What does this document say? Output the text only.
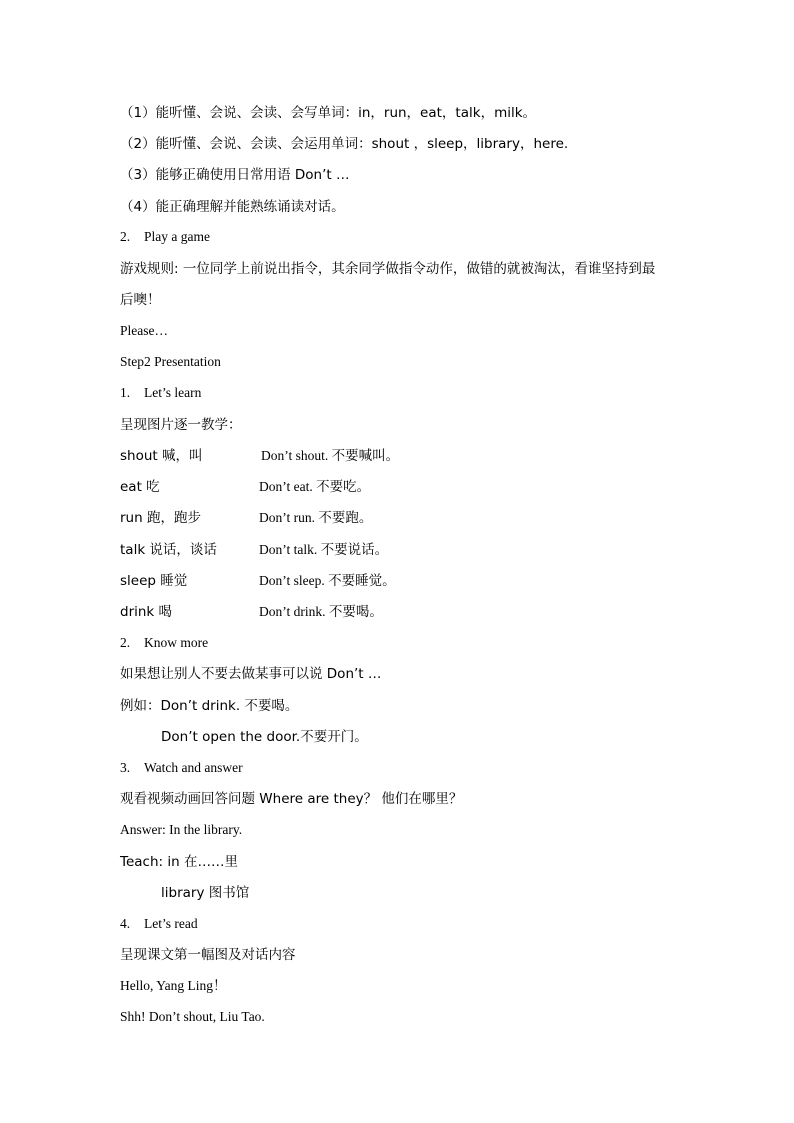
（1）能听懂、会说、会读、会写单词：in，run，eat，talk，milk。
（2）能听懂、会说、会读、会运用单词：shout ，sleep，library，here.
（3）能够正确使用日常用语 Don’t …
（4）能正确理解并能熟练诵读对话。
2. Play a game
游戏规则: 一位同学上前说出指令，其余同学做指令动作，做错的就被淘汰，看谁坚持到最
后噢！
Please…
Step2 Presentation
1. Let’s learn
呈现图片逐一教学：
shout 喊，叫	Don’t shout. 不要喊叫。
eat 吃	Don’t eat. 不要吃。
run 跑，跑步	Don’t run. 不要跑。
talk 说话，谈话	Don’t talk. 不要说话。
sleep 睡觉	Don’t sleep. 不要睡觉。
drink 喝	Don’t drink. 不要喝。
2. Know more
如果想让别人不要去做某事可以说 Don’t …
例如：Don’t drink. 不要喝。
Don’t open the door.不要开门。
3. Watch and answer
观看视频动画回答问题 Where are they？ 他们在哪里？
Answer: In the library.
Teach: in 在……里
library 图书馆
4. Let’s read
呈现课文第一幅图及对话内容
Hello, Yang Ling！
Shh! Don’t shout, Liu Tao.
